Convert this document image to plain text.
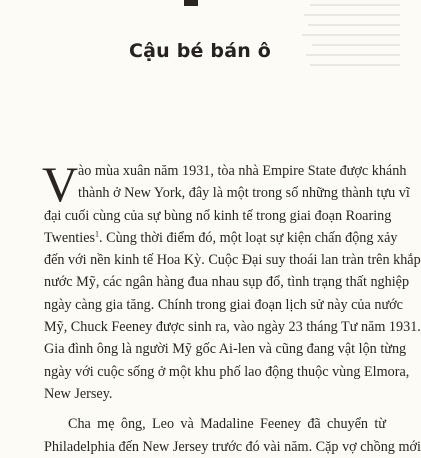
Cậu bé bán ô
V ào mùa xuân năm 1931, tòa nhà Empire State được khánh
thành ở New York, đây là một trong số những thành tựu vĩ
đại cuối cùng của sự bùng nổ kinh tế trong giai đoạn Roaring
Twenties$^1$. Cùng thời điểm đó, một loạt sự kiện chấn động xảy
đến với nền kinh tế Hoa Kỳ. Cuộc Đại suy thoái lan tràn trên khắp
nước Mỹ, các ngân hàng đua nhau sụp đổ, tình trạng thất nghiệp
ngày càng gia tăng. Chính trong giai đoạn lịch sử này của nước
Mỹ, Chuck Feeney được sinh ra, vào ngày 23 tháng Tư năm 1931.
Gia đình ông là người Mỹ gốc Ai-len và cũng đang vật lộn từng
ngày với cuộc sống ở một khu phố lao động thuộc vùng Elmora,
New Jersey.
Cha mẹ ông, Leo và Madaline Feeney đã chuyển từ
Philadelphia đến New Jersey trước đó vài năm. Cặp vợ chồng mới
